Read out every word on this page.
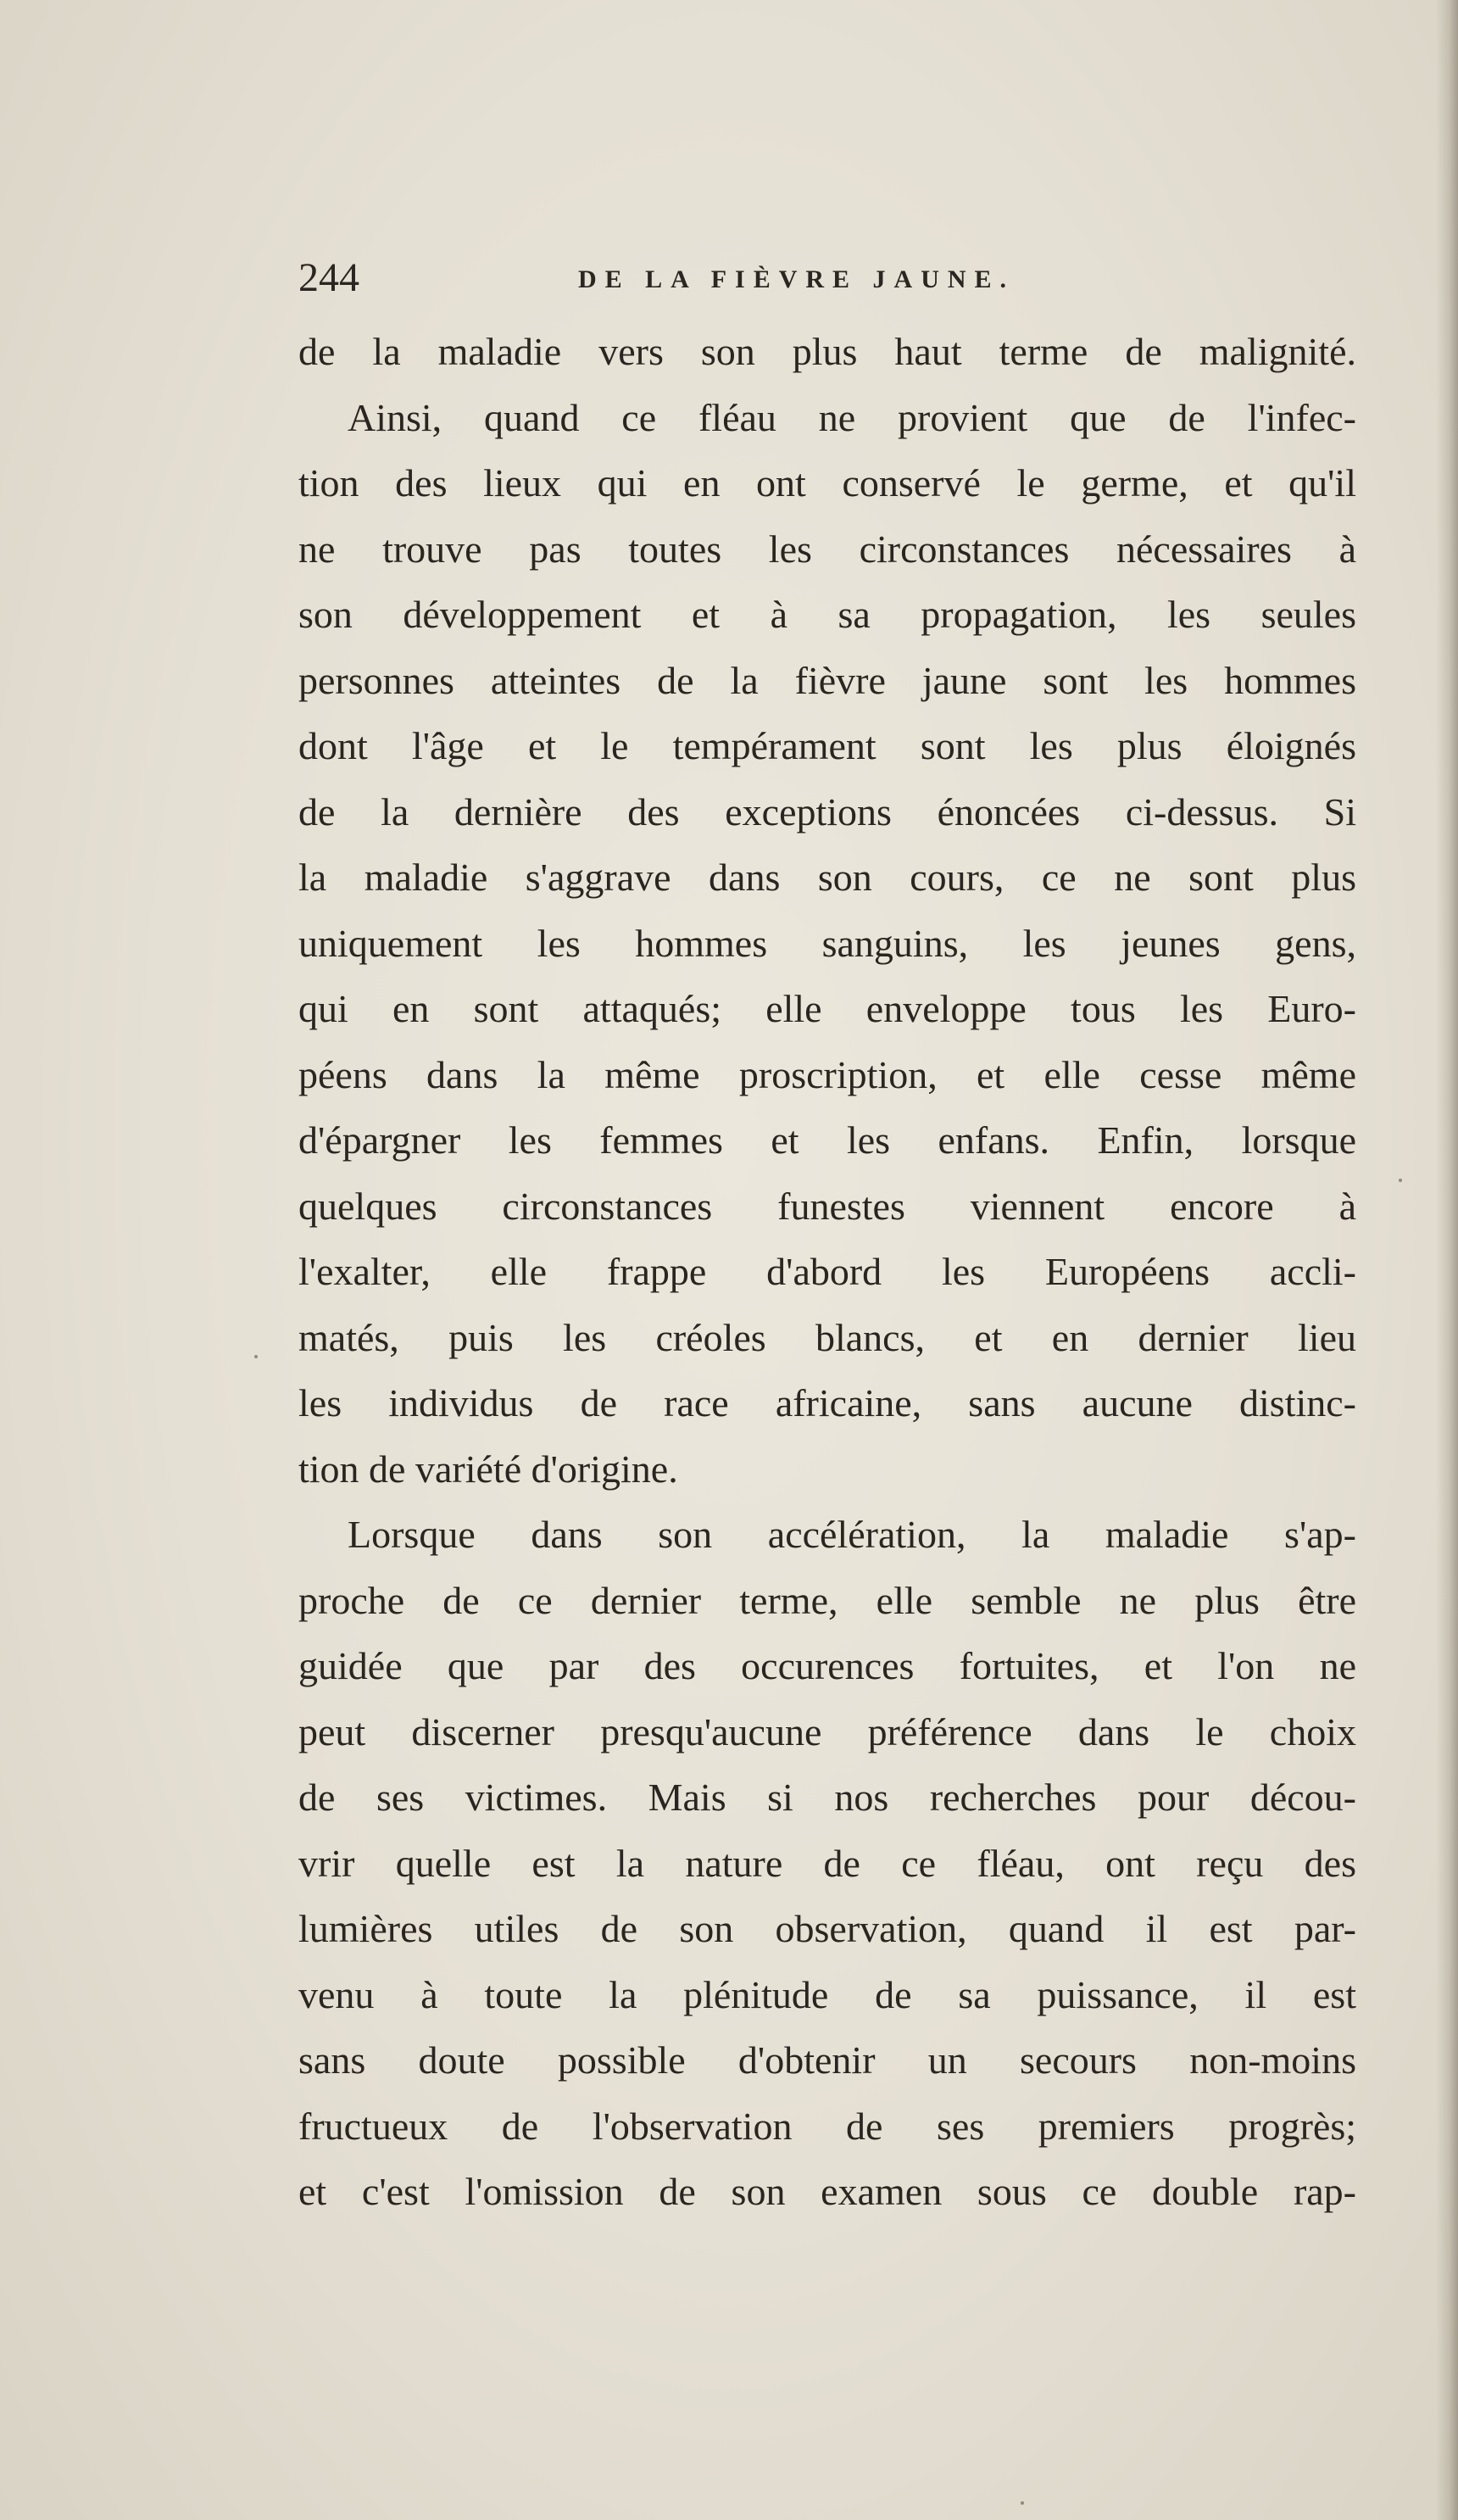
244	DE LA FIÈVRE JAUNE.
de la maladie vers son plus haut terme de malignité.
Ainsi, quand ce fléau ne provient que de l'infec-
tion des lieux qui en ont conservé le germe, et qu'il
ne trouve pas toutes les circonstances nécessaires à
son développement et à sa propagation, les seules
personnes atteintes de la fièvre jaune sont les hommes
dont l'âge et le tempérament sont les plus éloignés
de la dernière des exceptions énoncées ci-dessus. Si
la maladie s'aggrave dans son cours, ce ne sont plus
uniquement les hommes sanguins, les jeunes gens,
qui en sont attaqués; elle enveloppe tous les Euro-
péens dans la même proscription, et elle cesse même
d'épargner les femmes et les enfans. Enfin, lorsque
quelques circonstances funestes viennent encore à
l'exalter, elle frappe d'abord les Européens accli-
matés, puis les créoles blancs, et en dernier lieu
les individus de race africaine, sans aucune distinc-
tion de variété d'origine.
Lorsque dans son accélération, la maladie s'ap-
proche de ce dernier terme, elle semble ne plus être
guidée que par des occurences fortuites, et l'on ne
peut discerner presqu'aucune préférence dans le choix
de ses victimes. Mais si nos recherches pour décou-
vrir quelle est la nature de ce fléau, ont reçu des
lumières utiles de son observation, quand il est par-
venu à toute la plénitude de sa puissance, il est
sans doute possible d'obtenir un secours non-moins
fructueux de l'observation de ses premiers progrès;
et c'est l'omission de son examen sous ce double rap-
